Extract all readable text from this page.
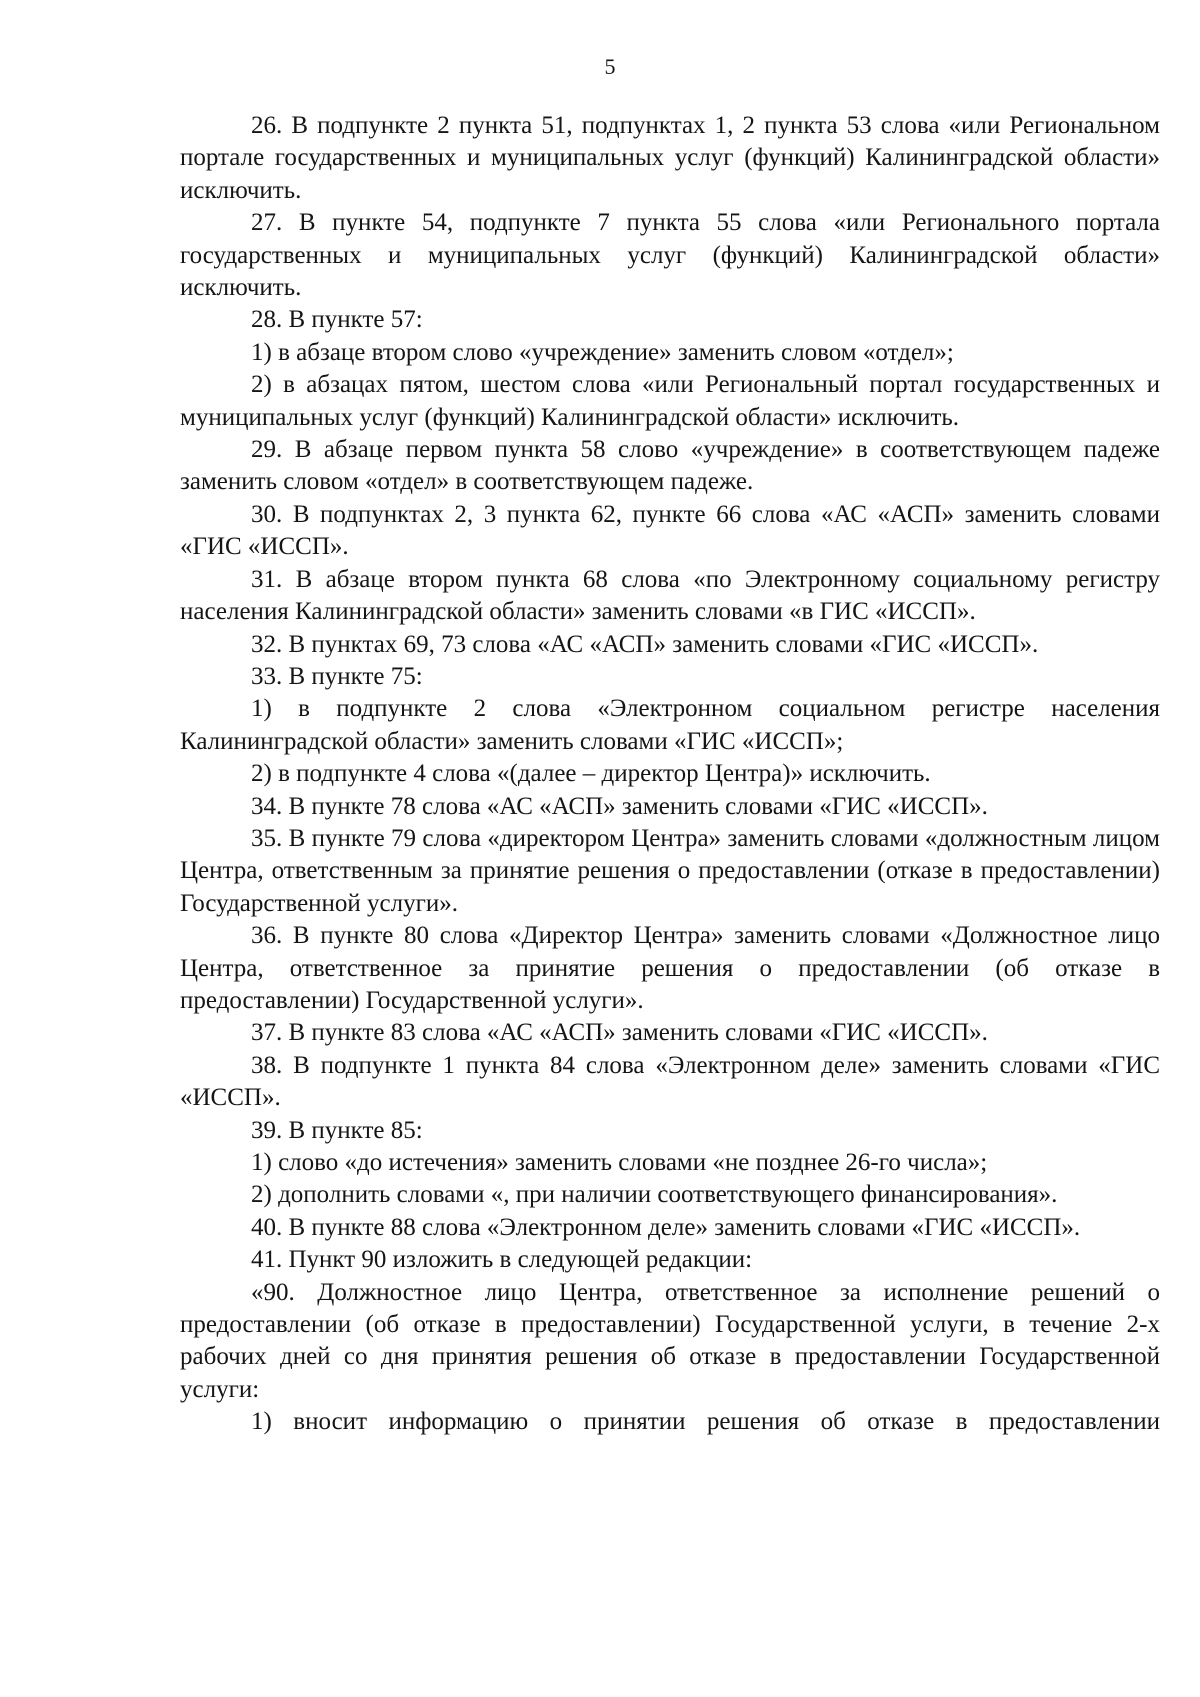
5

26. В подпункте 2 пункта 51, подпунктах 1, 2 пункта 53 слова «или Региональном портале государственных и муниципальных услуг (функций) Калининградской области» исключить.

27. В пункте 54, подпункте 7 пункта 55 слова «или Регионального портала государственных и муниципальных услуг (функций) Калининградской области» исключить.

28. В пункте 57:

1) в абзаце втором слово «учреждение» заменить словом «отдел»;

2) в абзацах пятом, шестом слова «или Региональный портал государственных и муниципальных услуг (функций) Калининградской области» исключить.

29. В абзаце первом пункта 58 слово «учреждение» в соответствующем падеже заменить словом «отдел» в соответствующем падеже.

30. В подпунктах 2, 3 пункта 62, пункте 66 слова «АС «АСП» заменить словами «ГИС «ИССП».

31. В абзаце втором пункта 68 слова «по Электронному социальному регистру населения Калининградской области» заменить словами «в ГИС «ИССП».

32. В пунктах 69, 73 слова «АС «АСП» заменить словами «ГИС «ИССП».

33. В пункте 75:

1) в подпункте 2 слова «Электронном социальном регистре населения Калининградской области» заменить словами «ГИС «ИССП»;

2) в подпункте 4 слова «(далее – директор Центра)» исключить.

34. В пункте 78 слова «АС «АСП» заменить словами «ГИС «ИССП».

35. В пункте 79 слова «директором Центра» заменить словами «должностным лицом Центра, ответственным за принятие решения о предоставлении (отказе в предоставлении) Государственной услуги».

36. В пункте 80 слова «Директор Центра» заменить словами «Должностное лицо Центра, ответственное за принятие решения о предоставлении (об отказе в предоставлении) Государственной услуги».

37. В пункте 83 слова «АС «АСП» заменить словами «ГИС «ИССП».

38. В подпункте 1 пункта 84 слова «Электронном деле» заменить словами «ГИС «ИССП».

39. В пункте 85:

1) слово «до истечения» заменить словами «не позднее 26-го числа»;

2) дополнить словами «, при наличии соответствующего финансирования».

40. В пункте 88 слова «Электронном деле» заменить словами «ГИС «ИССП».

41. Пункт 90 изложить в следующей редакции:

«90. Должностное лицо Центра, ответственное за исполнение решений о предоставлении (об отказе в предоставлении) Государственной услуги, в течение 2-х рабочих дней со дня принятия решения об отказе в предоставлении Государственной услуги:

1) вносит информацию о принятии решения об отказе в предоставлении
